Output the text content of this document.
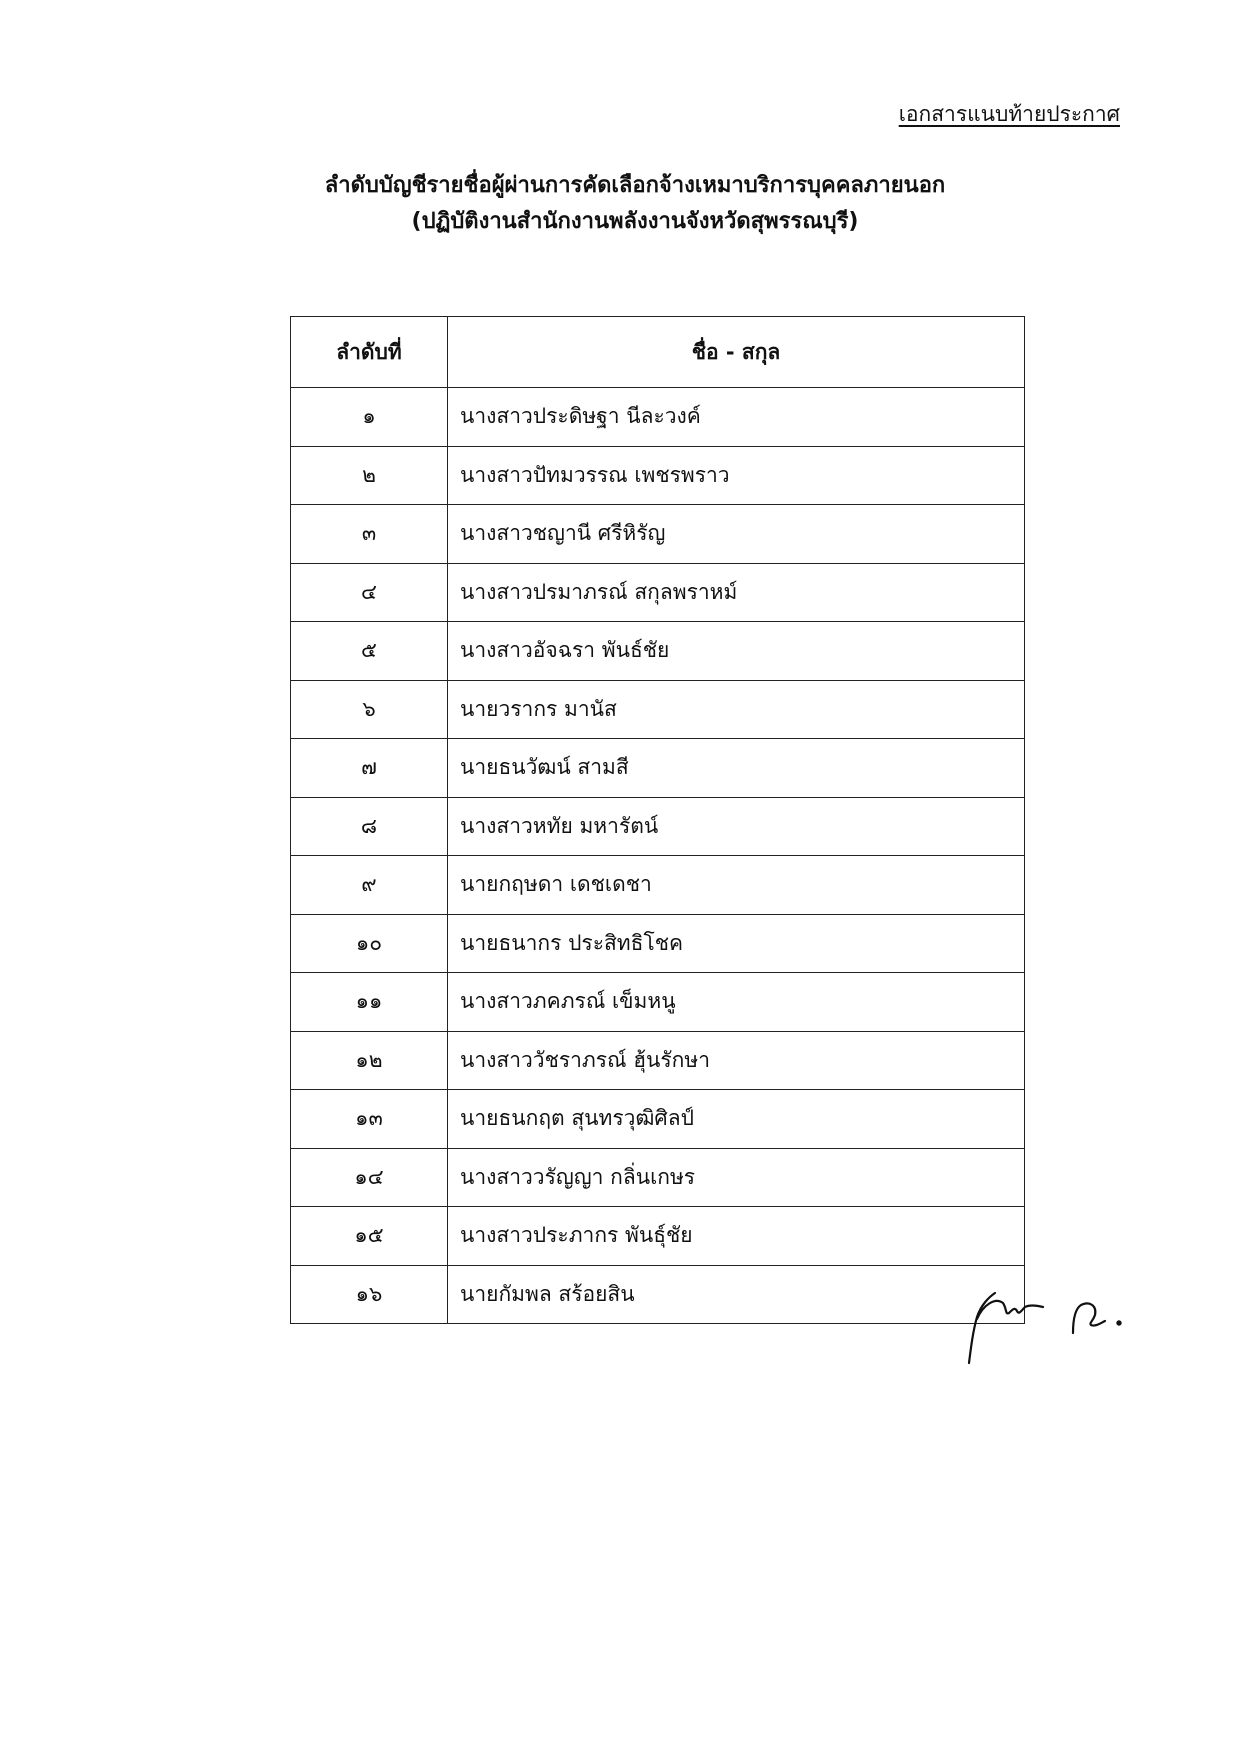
เอกสารแนบท้ายประกาศ
ลำดับบัญชีรายชื่อผู้ผ่านการคัดเลือกจ้างเหมาบริการบุคคลภายนอก
(ปฏิบัติงานสำนักงานพลังงานจังหวัดสุพรรณบุรี)
ลำดับที่	ชื่อ - สกุล
๑	นางสาวประดิษฐา นีละวงค์
๒	นางสาวปัทมวรรณ เพชรพราว
๓	นางสาวชญานี ศรีหิรัญ
๔	นางสาวปรมาภรณ์ สกุลพราหม์
๕	นางสาวอัจฉรา พันธ์ชัย
๖	นายวรากร มานัส
๗	นายธนวัฒน์ สามสี
๘	นางสาวหทัย มหารัตน์
๙	นายกฤษดา เดชเดชา
๑๐	นายธนากร ประสิทธิโชค
๑๑	นางสาวภคภรณ์ เข็มหนู
๑๒	นางสาววัชราภรณ์ ฮุ้นรักษา
๑๓	นายธนกฤต สุนทรวุฒิศิลป์
๑๔	นางสาววรัญญา กลิ่นเกษร
๑๕	นางสาวประภากร พันธุ์ชัย
๑๖	นายกัมพล สร้อยสิน
